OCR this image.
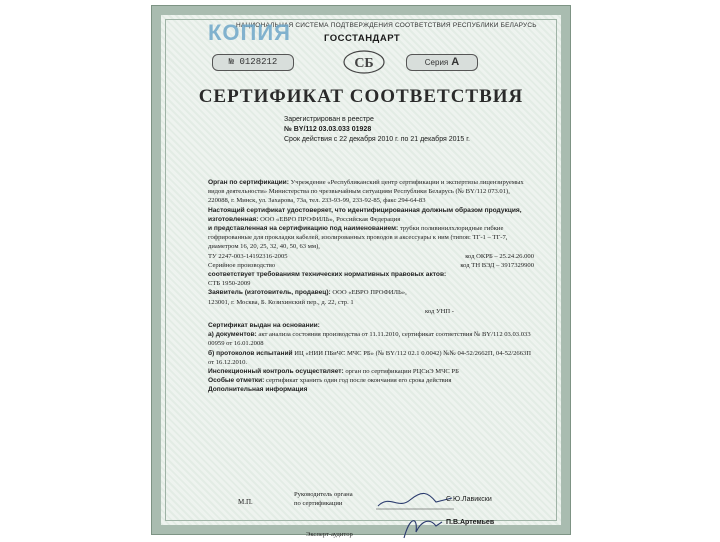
НАЦИОНАЛЬНАЯ СИСТЕМА ПОДТВЕРЖДЕНИЯ СООТВЕТСТВИЯ РЕСПУБЛИКИ БЕЛАРУСЬ
КОПИЯ	ГОССТАНДАРТ
№ 0128212	СБ	Серия А
СЕРТИФИКАТ СООТВЕТСТВИЯ
Зарегистрирован в реестре
№ BY/112 03.03.033 01928
Срок действия с 22 декабря 2010 г. по 21 декабря 2015 г.

Орган по сертификации: Учреждение «Республиканский центр сертификации и экспертизы лицензируемых видов деятельности» Министерства по чрезвычайным ситуациям Республики Беларусь (№ BY/112 073.01),

220088, г. Минск, ул. Захарова, 73а, тел. 233-93-99, 233-92-85, факс 294-64-83

Настоящий сертификат удостоверяет, что идентифицированная должным образом продукция, изготовленная: ООО «ЕВРО ПРОФИЛЬ», Российская Федерация

и представленная на сертификацию под наименованием: трубки поливинилхлоридные гибкие гофрированные для прокладки кабелей, изолированных проводов и аксессуары к ним (типов: ТГ-1 – ТГ-7, диаметром 16, 20, 25, 32, 40, 50, 63 мм),

ТУ 2247-003-14192316-2005	код ОКРБ – 25.24.26.000
Серийное производство	код ТН ВЭД – 3917329900

соответствует требованиям технических нормативных правовых актов:

СТБ 1950-2009

Заявитель (изготовитель, продавец): ООО «ЕВРО ПРОФИЛЬ»,

123001, г. Москва, Б. Козихинский пер., д. 22, стр. 1

код УНП -

Сертификат выдан на основании:

а) документов: акт анализа состояния производства от 11.11.2010, сертификат соответствия № BY/112 03.03.033 00959 от 16.01.2008

б) протоколов испытаний ИЦ «НИИ ПБиЧС МЧС РБ» (№ BY/112 02.1 0.0042) №№ 04-52/2662П, 04-52/2663П от 16.12.2010.

Инспекционный контроль осуществляет: орган по сертификации РЦСиЭ МЧС РБ

Особые отметки: сертификат хранить один год после окончания его срока действия

Дополнительная информация

М.П.
Руководитель органа
по сертификации
С.Ю.Лавикски
П.В.Артемьев
Эксперт-аудитор
